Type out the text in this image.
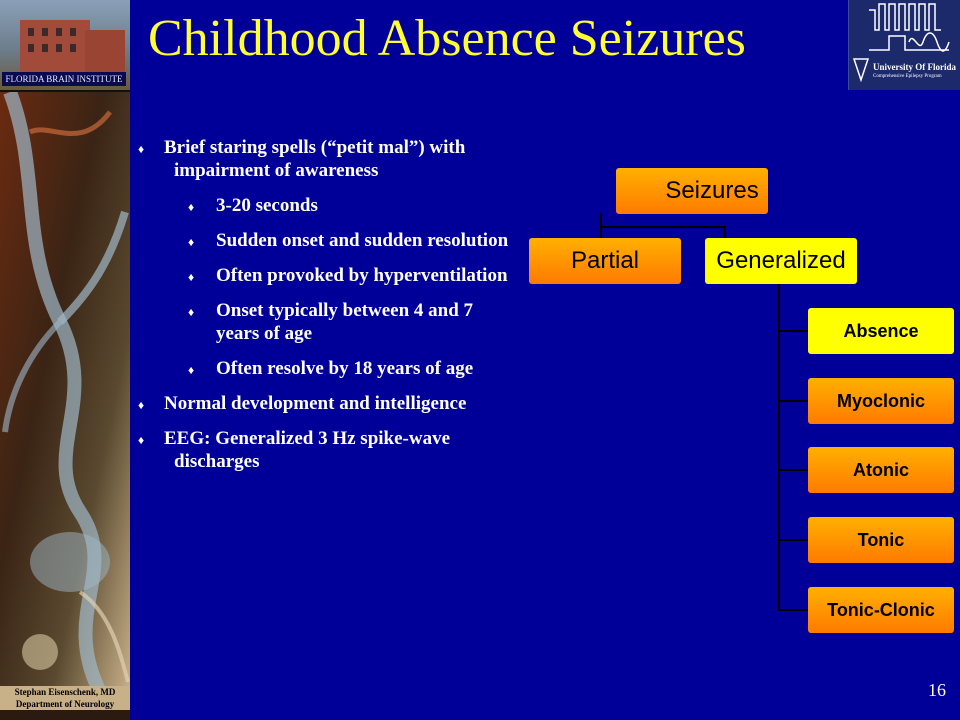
FLORIDA BRAIN INSTITUTE
Stephan Eisenschenk, MD
Department of Neurology
Childhood Absence Seizures	University Of Florida
Comprehensive Epilepsy Program
♦ Brief staring spells (“petit mal”) with impairment of awareness
♦ 3-20 seconds
♦ Sudden onset and sudden resolution
♦ Often provoked by hyperventilation
♦ Onset typically between 4 and 7 years of age
♦ Often resolve by 18 years of age
♦ Normal development and intelligence
♦ EEG: Generalized 3 Hz spike-wave discharges
Seizures
Partial	Generalized
Absence
Myoclonic
Atonic
Tonic
Tonic-Clonic
16
